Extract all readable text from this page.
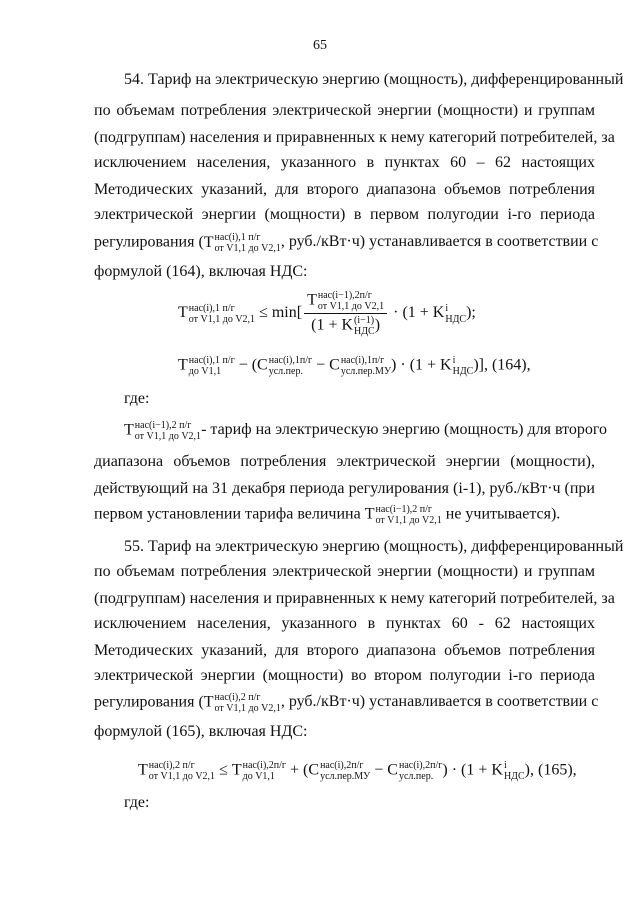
65
54. Тариф на электрическую энергию (мощность), дифференцированный
по объемам потребления электрической энергии (мощности) и группам
(подгруппам) населения и приравненных к нему категорий потребителей, за
исключением населения, указанного в пунктах 60 – 62 настоящих
Методических указаний, для второго диапазона объемов потребления
электрической энергии (мощности) в первом полугодии i-го периода
регулирования (T нас(i),1 п/г
от V1,1 до V2,1 , руб./кВт·ч) устанавливается в соответствии с
формулой (164), включая НДС:
Т нас(i),1 п/г
от V1,1 до V2,1 ≤ min[ T нас(i−1),2п/г
от V1,1 до V2,1
(1 + K (i−1)
НДС ) · (1 + K i
НДС );
T нас(i),1 п/г
до V1,1 − (C нас(i),1п/г
усл.пер. − C нас(i),1п/г
усл.пер.МУ ) · (1 + K i
НДС )], (164),
где:
T нас(i−1),2 п/г
от V1,1 до V2,1 - тариф на электрическую энергию (мощность) для второго
диапазона объемов потребления электрической энергии (мощности),
действующий на 31 декабря периода регулирования (i-1), руб./кВт·ч (при
первом установлении тарифа величина T нас(i−1),2 п/г
от V1,1 до V2,1 не учитывается).
55. Тариф на электрическую энергию (мощность), дифференцированный
по объемам потребления электрической энергии (мощности) и группам
(подгруппам) населения и приравненных к нему категорий потребителей, за
исключением населения, указанного в пунктах 60 - 62 настоящих
Методических указаний, для второго диапазона объемов потребления
электрической энергии (мощности) во втором полугодии i-го периода
регулирования (T нас(i),2 п/г
от V1,1 до V2,1 , руб./кВт·ч) устанавливается в соответствии с
формулой (165), включая НДС:
T нас(i),2 п/г
от V1,1 до V2,1 ≤ Т нас(i),2п/г
до V1,1 + (C нас(i),2п/г
усл.пер.МУ − C нас(i),2п/г
усл.пер. ) · (1 + K i
НДС ), (165),
где:
